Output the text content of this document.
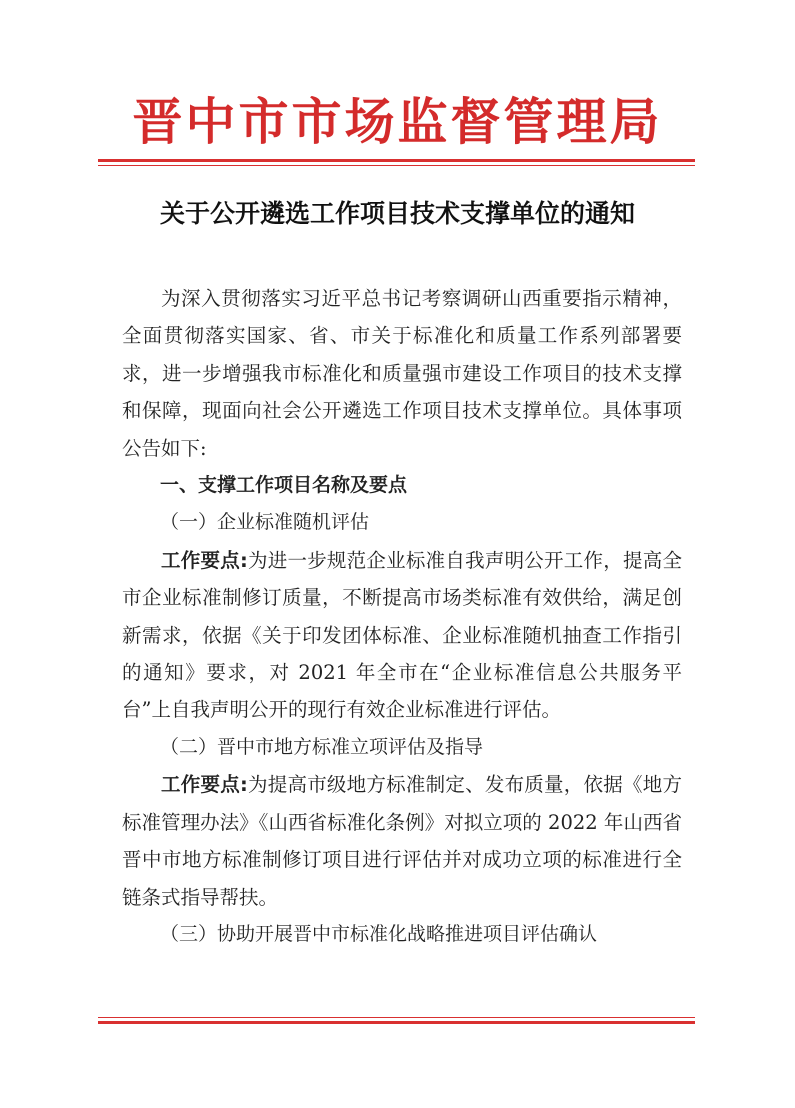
晋中市市场监督管理局
关于公开遴选工作项目技术支撑单位的通知

为深入贯彻落实习近平总书记考察调研山西重要指示精神，全面贯彻落实国家、省、市关于标准化和质量工作系列部署要求，进一步增强我市标准化和质量强市建设工作项目的技术支撑和保障，现面向社会公开遴选工作项目技术支撑单位。具体事项公告如下:

一、支撑工作项目名称及要点

（一）企业标准随机评估

工作要点:为进一步规范企业标准自我声明公开工作，提高全市企业标准制修订质量，不断提高市场类标准有效供给，满足创新需求，依据《关于印发团体标准、企业标准随机抽查工作指引的通知》要求，对 2021 年全市在“企业标准信息公共服务平台”上自我声明公开的现行有效企业标准进行评估。

（二）晋中市地方标准立项评估及指导

工作要点:为提高市级地方标准制定、发布质量，依据《地方标准管理办法》《山西省标准化条例》对拟立项的 2022 年山西省晋中市地方标准制修订项目进行评估并对成功立项的标准进行全链条式指导帮扶。

（三）协助开展晋中市标准化战略推进项目评估确认
